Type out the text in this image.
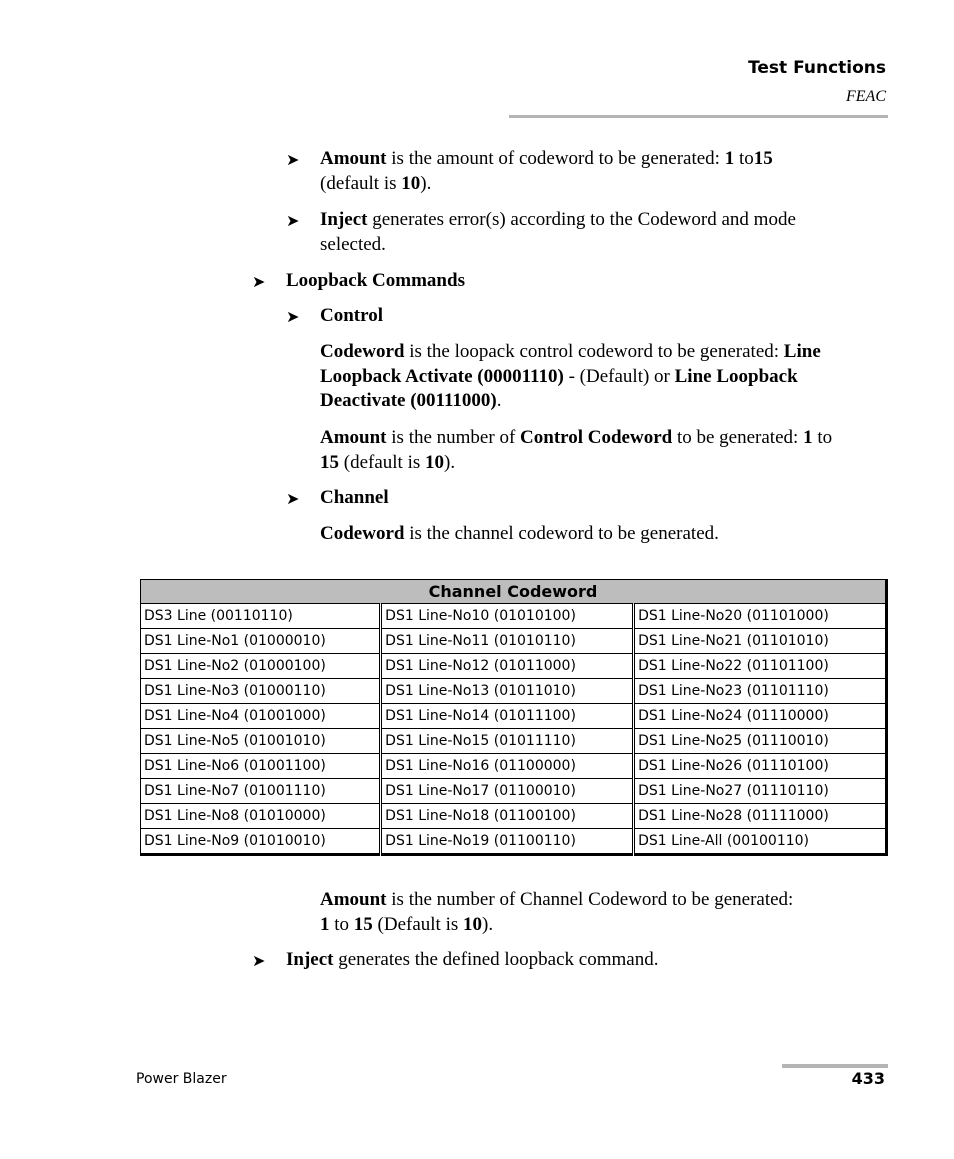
Test Functions
FEAC
➤ Amount is the amount of codeword to be generated: 1 to15
(default is 10).
➤ Inject generates error(s) according to the Codeword and mode
selected.
➤ Loopback Commands
➤ Control
Codeword is the loopack control codeword to be generated: Line
Loopback Activate (00001110) - (Default) or Line Loopback
Deactivate (00111000).
Amount is the number of Control Codeword to be generated: 1 to
15 (default is 10).
➤ Channel
Codeword is the channel codeword to be generated.
Channel Codeword		
DS3 Line (00110110)	DS1 Line-No10 (01010100)	DS1 Line-No20 (01101000)
DS1 Line-No1 (01000010)	DS1 Line-No11 (01010110)	DS1 Line-No21 (01101010)
DS1 Line-No2 (01000100)	DS1 Line-No12 (01011000)	DS1 Line-No22 (01101100)
DS1 Line-No3 (01000110)	DS1 Line-No13 (01011010)	DS1 Line-No23 (01101110)
DS1 Line-No4 (01001000)	DS1 Line-No14 (01011100)	DS1 Line-No24 (01110000)
DS1 Line-No5 (01001010)	DS1 Line-No15 (01011110)	DS1 Line-No25 (01110010)
DS1 Line-No6 (01001100)	DS1 Line-No16 (01100000)	DS1 Line-No26 (01110100)
DS1 Line-No7 (01001110)	DS1 Line-No17 (01100010)	DS1 Line-No27 (01110110)
DS1 Line-No8 (01010000)	DS1 Line-No18 (01100100)	DS1 Line-No28 (01111000)
DS1 Line-No9 (01010010)	DS1 Line-No19 (01100110)	DS1 Line-All (00100110)
Amount is the number of Channel Codeword to be generated:
1 to 15 (Default is 10).
➤ Inject generates the defined loopback command.
Power Blazer	433
